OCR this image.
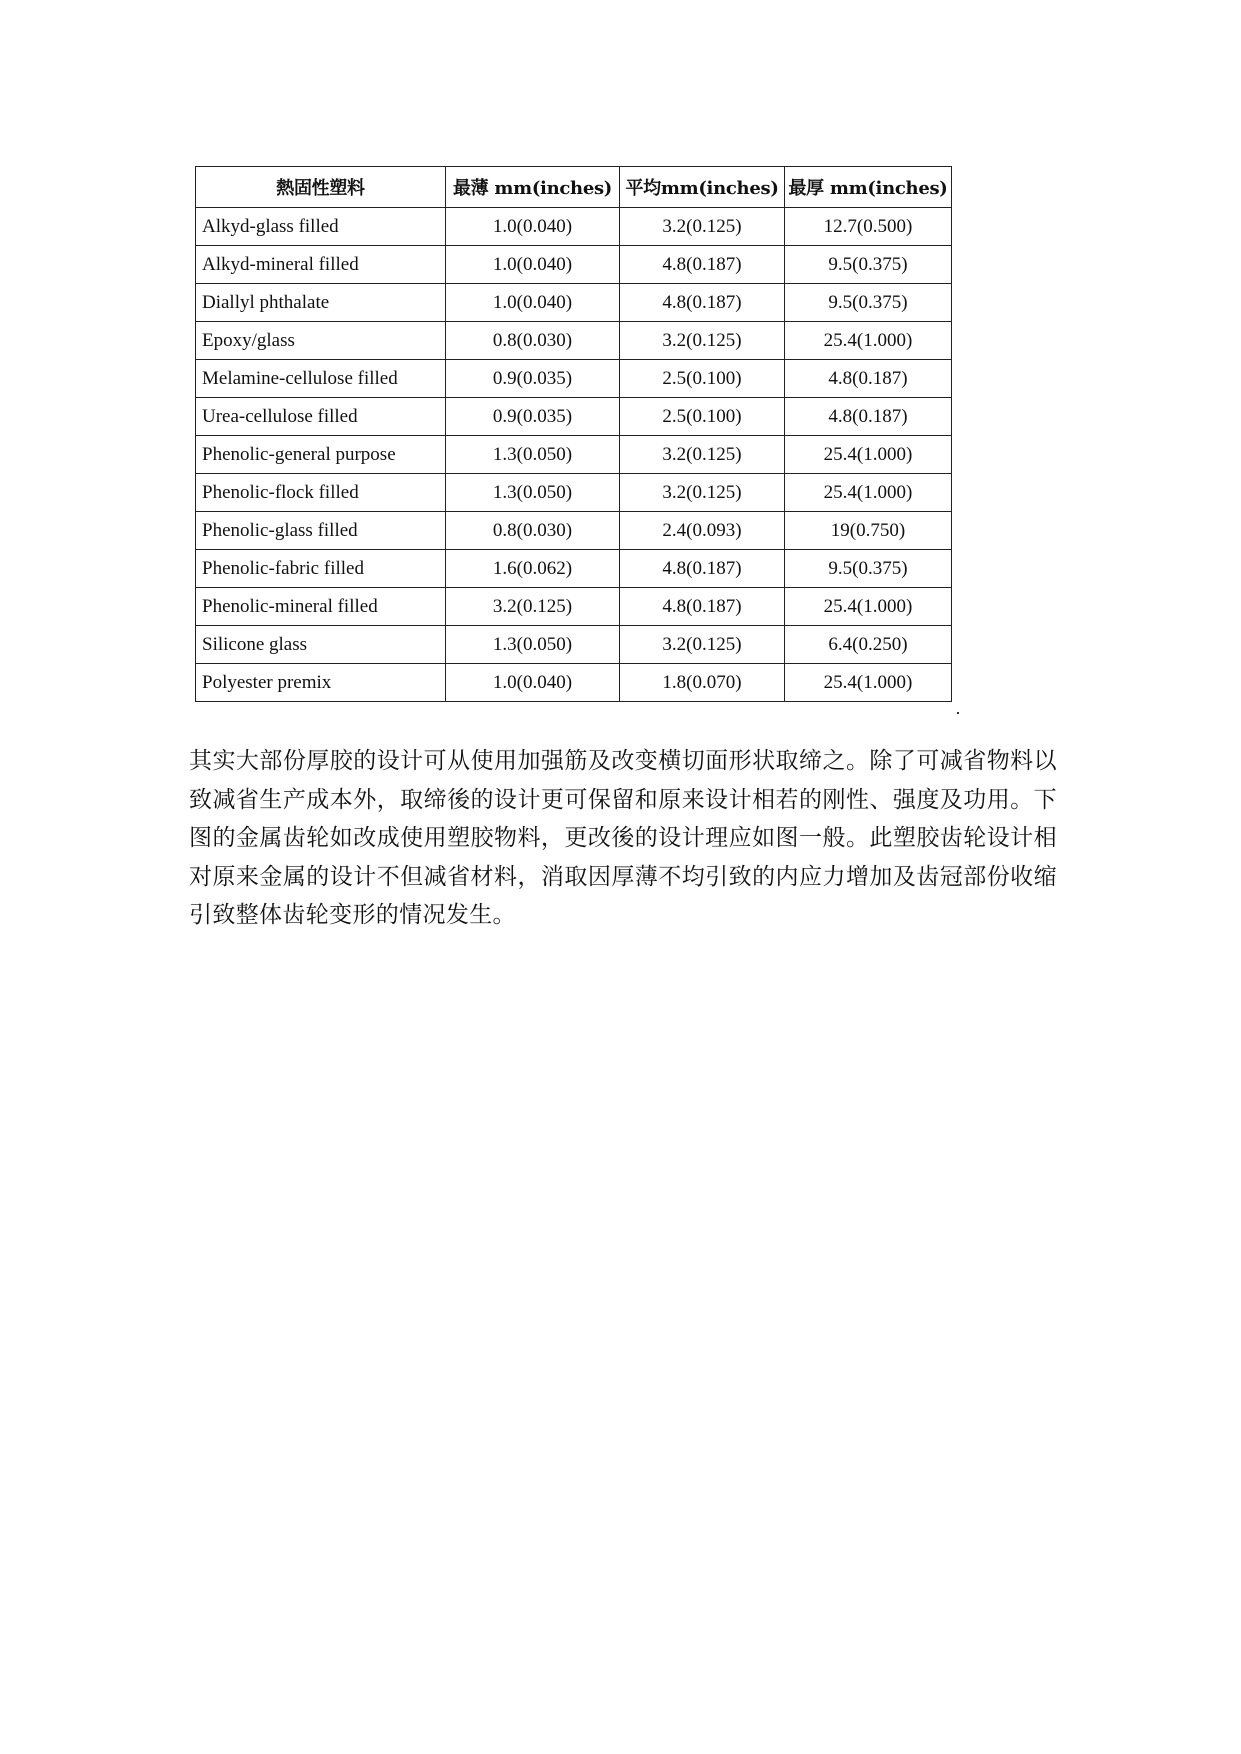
熱固性塑料	最薄 mm(inches)	平均mm(inches)	最厚 mm(inches)
Alkyd-glass filled	1.0(0.040)	3.2(0.125)	12.7(0.500)
Alkyd-mineral filled	1.0(0.040)	4.8(0.187)	9.5(0.375)
Diallyl phthalate	1.0(0.040)	4.8(0.187)	9.5(0.375)
Epoxy/glass	0.8(0.030)	3.2(0.125)	25.4(1.000)
Melamine-cellulose filled	0.9(0.035)	2.5(0.100)	4.8(0.187)
Urea-cellulose filled	0.9(0.035)	2.5(0.100)	4.8(0.187)
Phenolic-general purpose	1.3(0.050)	3.2(0.125)	25.4(1.000)
Phenolic-flock filled	1.3(0.050)	3.2(0.125)	25.4(1.000)
Phenolic-glass filled	0.8(0.030)	2.4(0.093)	19(0.750)
Phenolic-fabric filled	1.6(0.062)	4.8(0.187)	9.5(0.375)
Phenolic-mineral filled	3.2(0.125)	4.8(0.187)	25.4(1.000)
Silicone glass	1.3(0.050)	3.2(0.125)	6.4(0.250)
Polyester premix	1.0(0.040)	1.8(0.070)	25.4(1.000)

其实大部份厚胶的设计可从使用加强筋及改变横切面形状取缔之。除了可减省物料以致减省生产成本外，取缔後的设计更可保留和原来设计相若的刚性、强度及功用。下图的金属齿轮如改成使用塑胶物料，更改後的设计理应如图一般。此塑胶齿轮设计相对原来金属的设计不但减省材料，消取因厚薄不均引致的内应力增加及齿冠部份收缩引致整体齿轮变形的情况发生。
